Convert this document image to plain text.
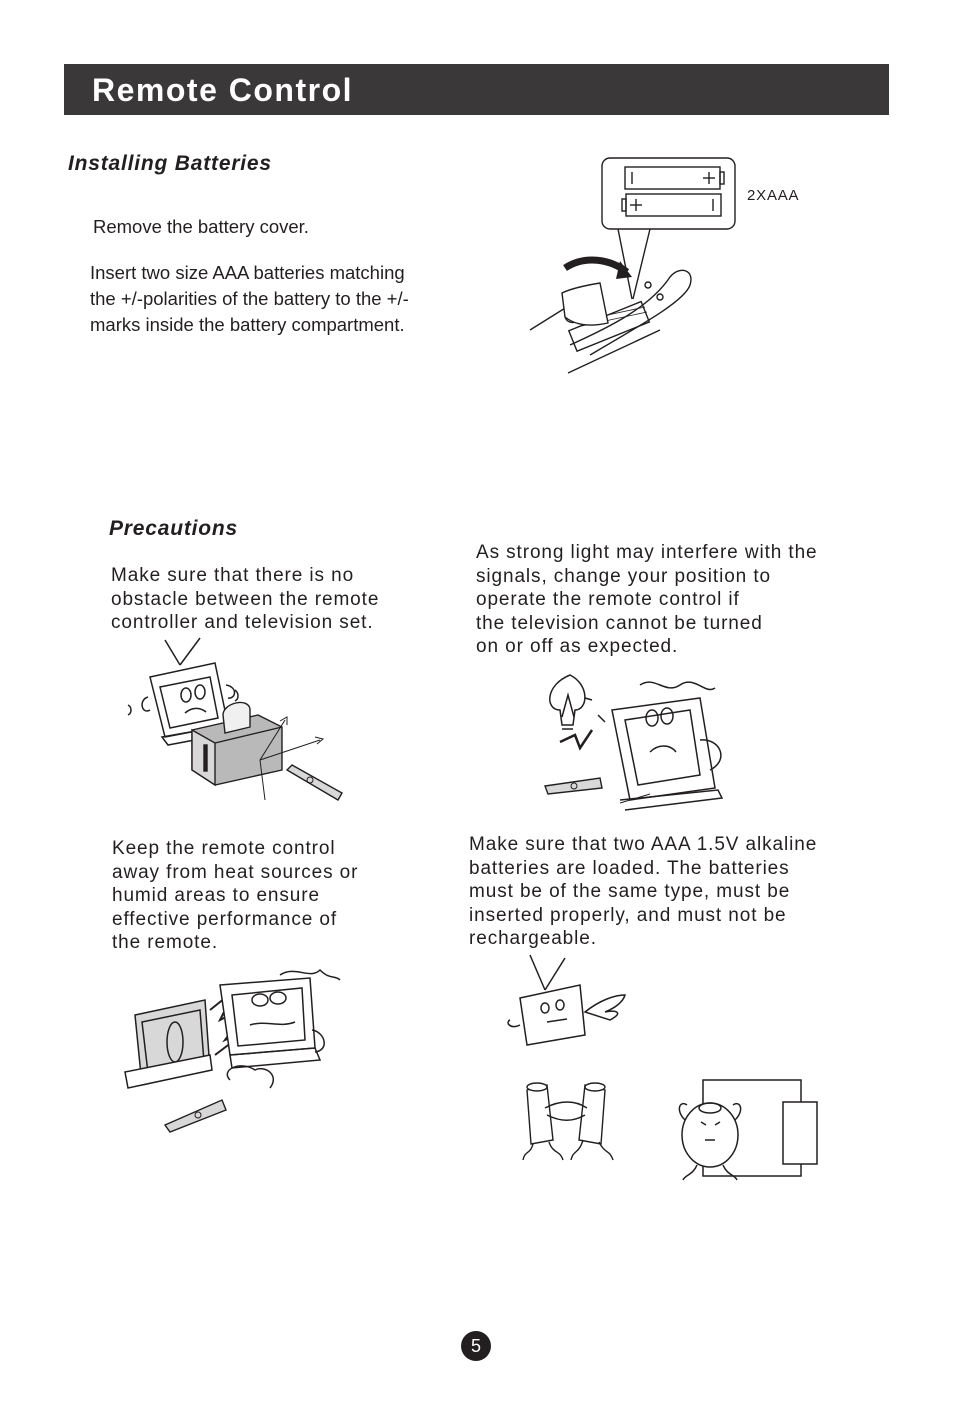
Remote Control
Installing Batteries
Remove the battery cover.
Insert two size AAA batteries matching
the +/-polarities of the battery to the +/-
marks inside the battery compartment.
2XAAA
Precautions
Make sure that there is no
obstacle between the remote
controller and television set.
As strong light may interfere with the
signals, change your position to
operate the remote control if
the television cannot be turned
on or off as expected.
Keep the remote control
away from heat sources or
humid areas to ensure
effective performance of
the remote.
Make sure that two AAA 1.5V alkaline
batteries are loaded. The batteries
must be of the same type, must be
inserted properly, and must not be
rechargeable.
5
